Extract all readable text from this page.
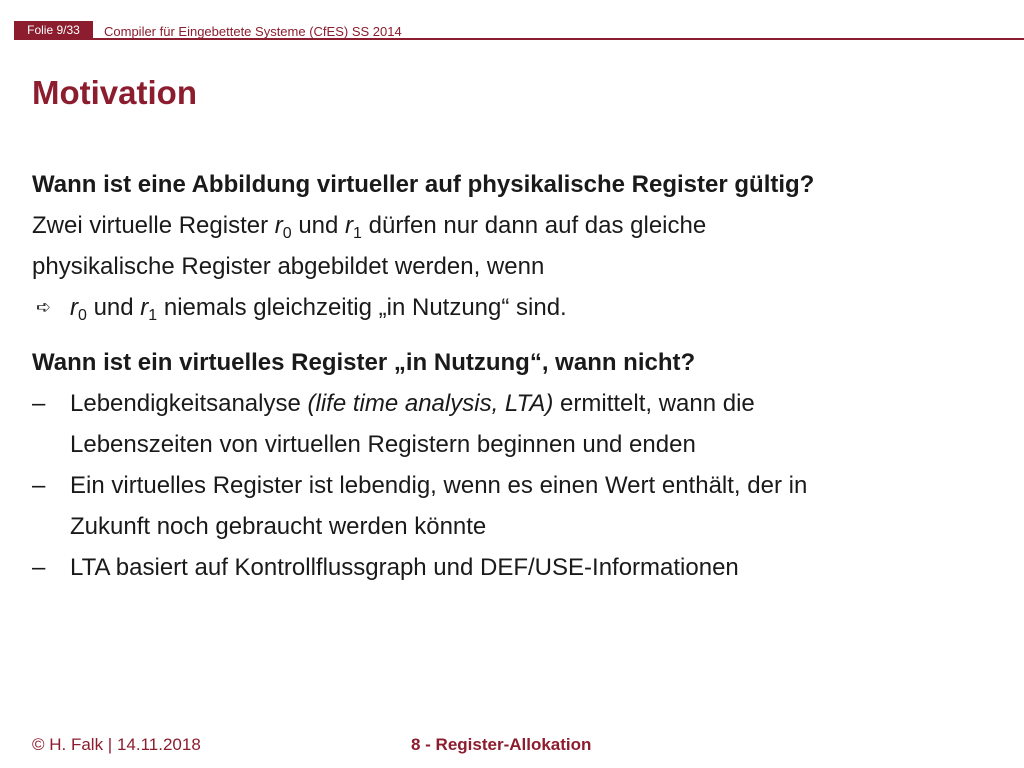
Folie 9/33	Compiler für Eingebettete Systeme (CfES) SS 2014
Motivation
Wann ist eine Abbildung virtueller auf physikalische Register gültig?
Zwei virtuelle Register $r_0$ und $r_1$ dürfen nur dann auf das gleiche
physikalische Register abgebildet werden, wenn
➪ $r_0$ und $r_1$ niemals gleichzeitig „in Nutzung“ sind.
Wann ist ein virtuelles Register „in Nutzung“, wann nicht?
–	Lebendigkeitsanalyse (life time analysis, LTA) ermittelt, wann die
Lebenszeiten von virtuellen Registern beginnen und enden
–	Ein virtuelles Register ist lebendig, wenn es einen Wert enthält, der in
Zukunft noch gebraucht werden könnte
–	LTA basiert auf Kontrollflussgraph und DEF/USE-Informationen
© H. Falk | 14.11.2018	8 - Register-Allokation
